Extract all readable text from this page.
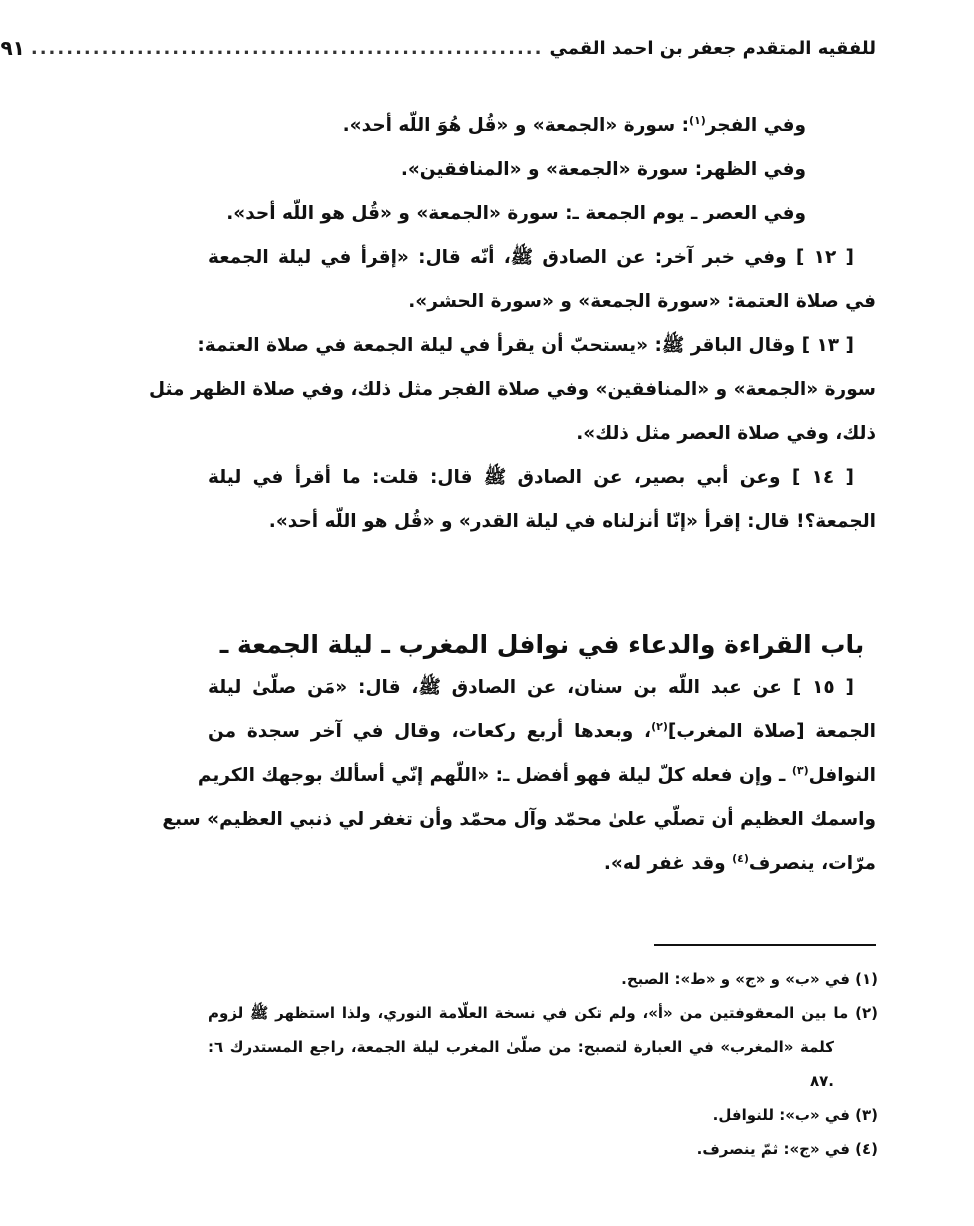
للفقيه المتقدم جعفر بن احمد القمي
..........................................................
٩١
وفي الفجر$^{(١)}$: سورة «الجمعة» و «قُل هُوَ اللّه أحد».
وفي الظهر: سورة «الجمعة» و «المنافقين».
وفي العصر ـ يوم الجمعة ـ: سورة «الجمعة» و «قُل هو اللّه أحد».
[ ١٢ ] وفي خبر آخر: عن الصادق ﷺ، أنّه قال: «إقرأ في ليلة الجمعة
في صلاة العتمة: «سورة الجمعة» و «سورة الحشر».
[ ١٣ ] وقال الباقر ﷺ: «يستحبّ أن يقرأ في ليلة الجمعة في صلاة العتمة:
سورة «الجمعة» و «المنافقين» وفي صلاة الفجر مثل ذلك، وفي صلاة الظهر مثل
ذلك، وفي صلاة العصر مثل ذلك».
[ ١٤ ] وعن أبي بصير، عن الصادق ﷺ قال: قلت: ما أقرأ في ليلة
الجمعة؟! قال: إقرأ «إنّا أنزلناه في ليلة القدر» و «قُل هو اللّه أحد».
باب القراءة والدعاء في نوافل المغرب ـ ليلة الجمعة ـ
[ ١٥ ] عن عبد اللّه بن سنان، عن الصادق ﷺ، قال: «مَن صلّىٰ ليلة
الجمعة [صلاة المغرب]$^{(٢)}$، وبعدها أربع ركعات، وقال في آخر سجدة من
النوافل$^{(٣)}$ ـ وإن فعله كلّ ليلة فهو أفضل ـ: «اللّهم إنّي أسألك بوجهك الكريم
واسمك العظيم أن تصلّي علىٰ محمّد وآل محمّد وأن تغفر لي ذنبي العظيم» سبع
مرّات، ينصرف$^{(٤)}$ وقد غفر له».
(١) في «ب» و «ج» و «ط»: الصبح.
(٢) ما بين المعقوفتين من «أ»، ولم تكن في نسخة العلّامة النوري، ولذا استظهر ﷺ لزوم
كلمة «المغرب» في العبارة لتصبح: من صلّىٰ المغرب ليلة الجمعة، راجع المستدرك ٦:
.٨٧
(٣) في «ب»: للنوافل.
(٤) في «ج»: ثمّ ينصرف.
